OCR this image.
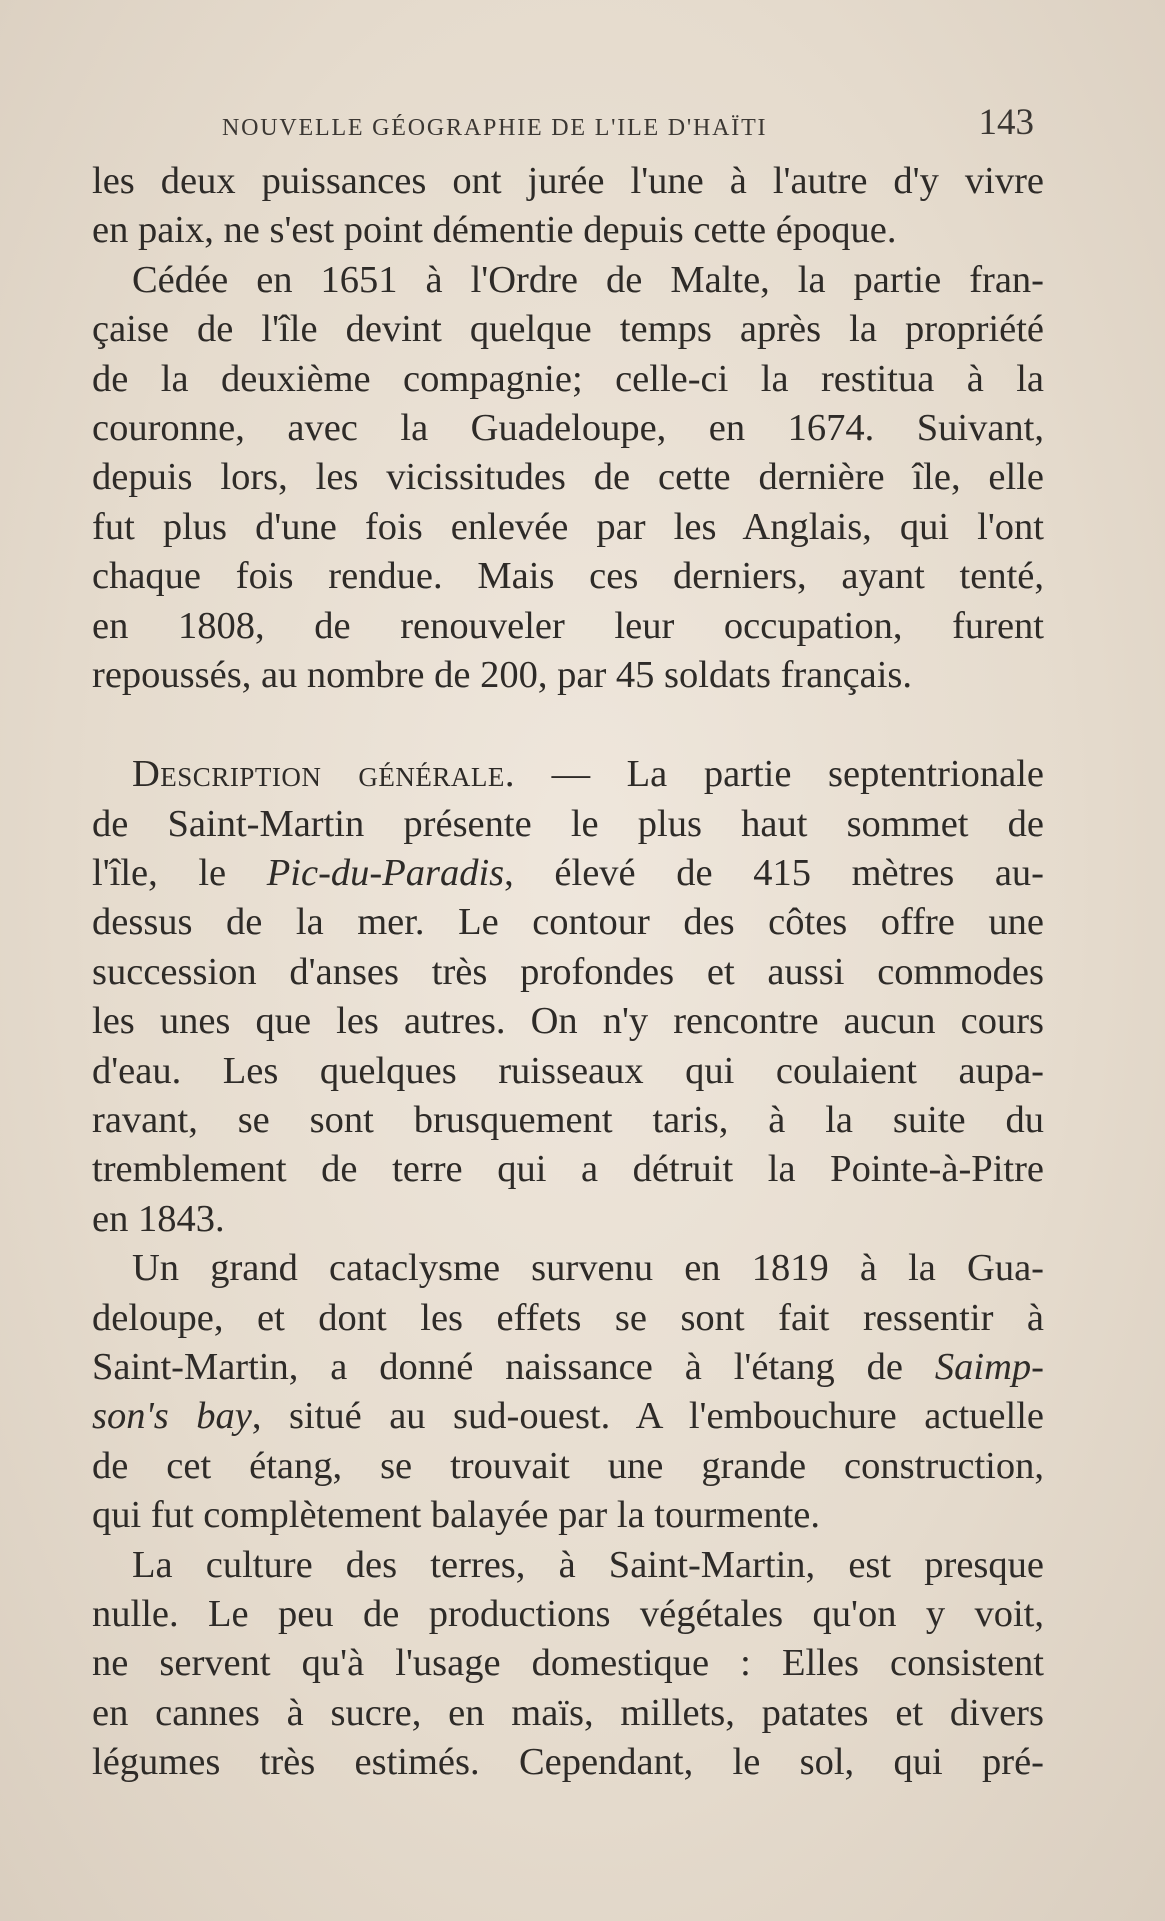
NOUVELLE GÉOGRAPHIE DE L'ILE D'HAÏTI	143
les deux puissances ont jurée l'une à l'autre d'y vivre
en paix, ne s'est point démentie depuis cette époque.
Cédée en 1651 à l'Ordre de Malte, la partie fran-
çaise de l'île devint quelque temps après la propriété
de la deuxième compagnie; celle-ci la restitua à la
couronne, avec la Guadeloupe, en 1674. Suivant,
depuis lors, les vicissitudes de cette dernière île, elle
fut plus d'une fois enlevée par les Anglais, qui l'ont
chaque fois rendue. Mais ces derniers, ayant tenté,
en 1808, de renouveler leur occupation, furent
repoussés, au nombre de 200, par 45 soldats français.
Description générale. — La partie septentrionale
de Saint-Martin présente le plus haut sommet de
l'île, le Pic-du-Paradis, élevé de 415 mètres au-
dessus de la mer. Le contour des côtes offre une
succession d'anses très profondes et aussi commodes
les unes que les autres. On n'y rencontre aucun cours
d'eau. Les quelques ruisseaux qui coulaient aupa-
ravant, se sont brusquement taris, à la suite du
tremblement de terre qui a détruit la Pointe-à-Pitre
en 1843.
Un grand cataclysme survenu en 1819 à la Gua-
deloupe, et dont les effets se sont fait ressentir à
Saint-Martin, a donné naissance à l'étang de Saimp-
son's bay, situé au sud-ouest. A l'embouchure actuelle
de cet étang, se trouvait une grande construction,
qui fut complètement balayée par la tourmente.
La culture des terres, à Saint-Martin, est presque
nulle. Le peu de productions végétales qu'on y voit,
ne servent qu'à l'usage domestique : Elles consistent
en cannes à sucre, en maïs, millets, patates et divers
légumes très estimés. Cependant, le sol, qui pré-
